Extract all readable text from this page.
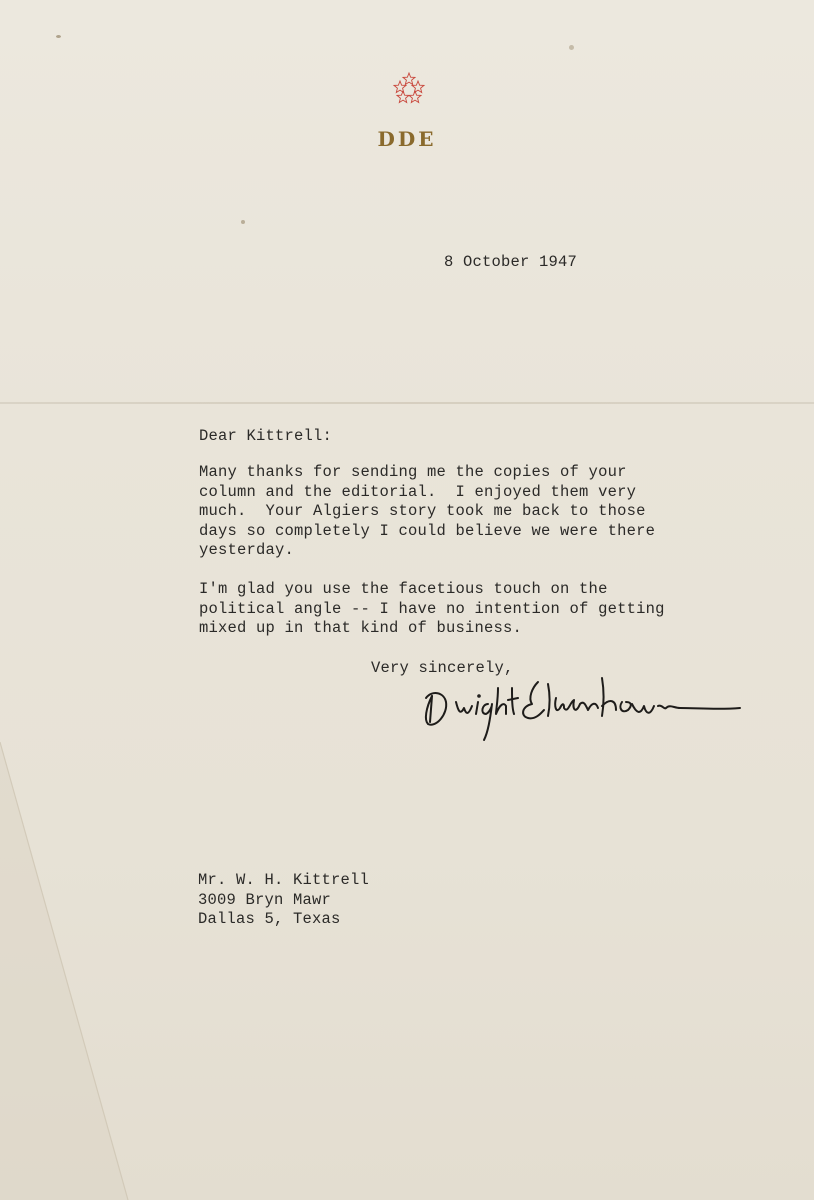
DDE
8 October 1947
Dear Kittrell:
Many thanks for sending me the copies of your
column and the editorial.  I enjoyed them very
much.  Your Algiers story took me back to those
days so completely I could believe we were there
yesterday.
I'm glad you use the facetious touch on the
political angle -- I have no intention of getting
mixed up in that kind of business.
Very sincerely,
Mr. W. H. Kittrell
3009 Bryn Mawr
Dallas 5, Texas
